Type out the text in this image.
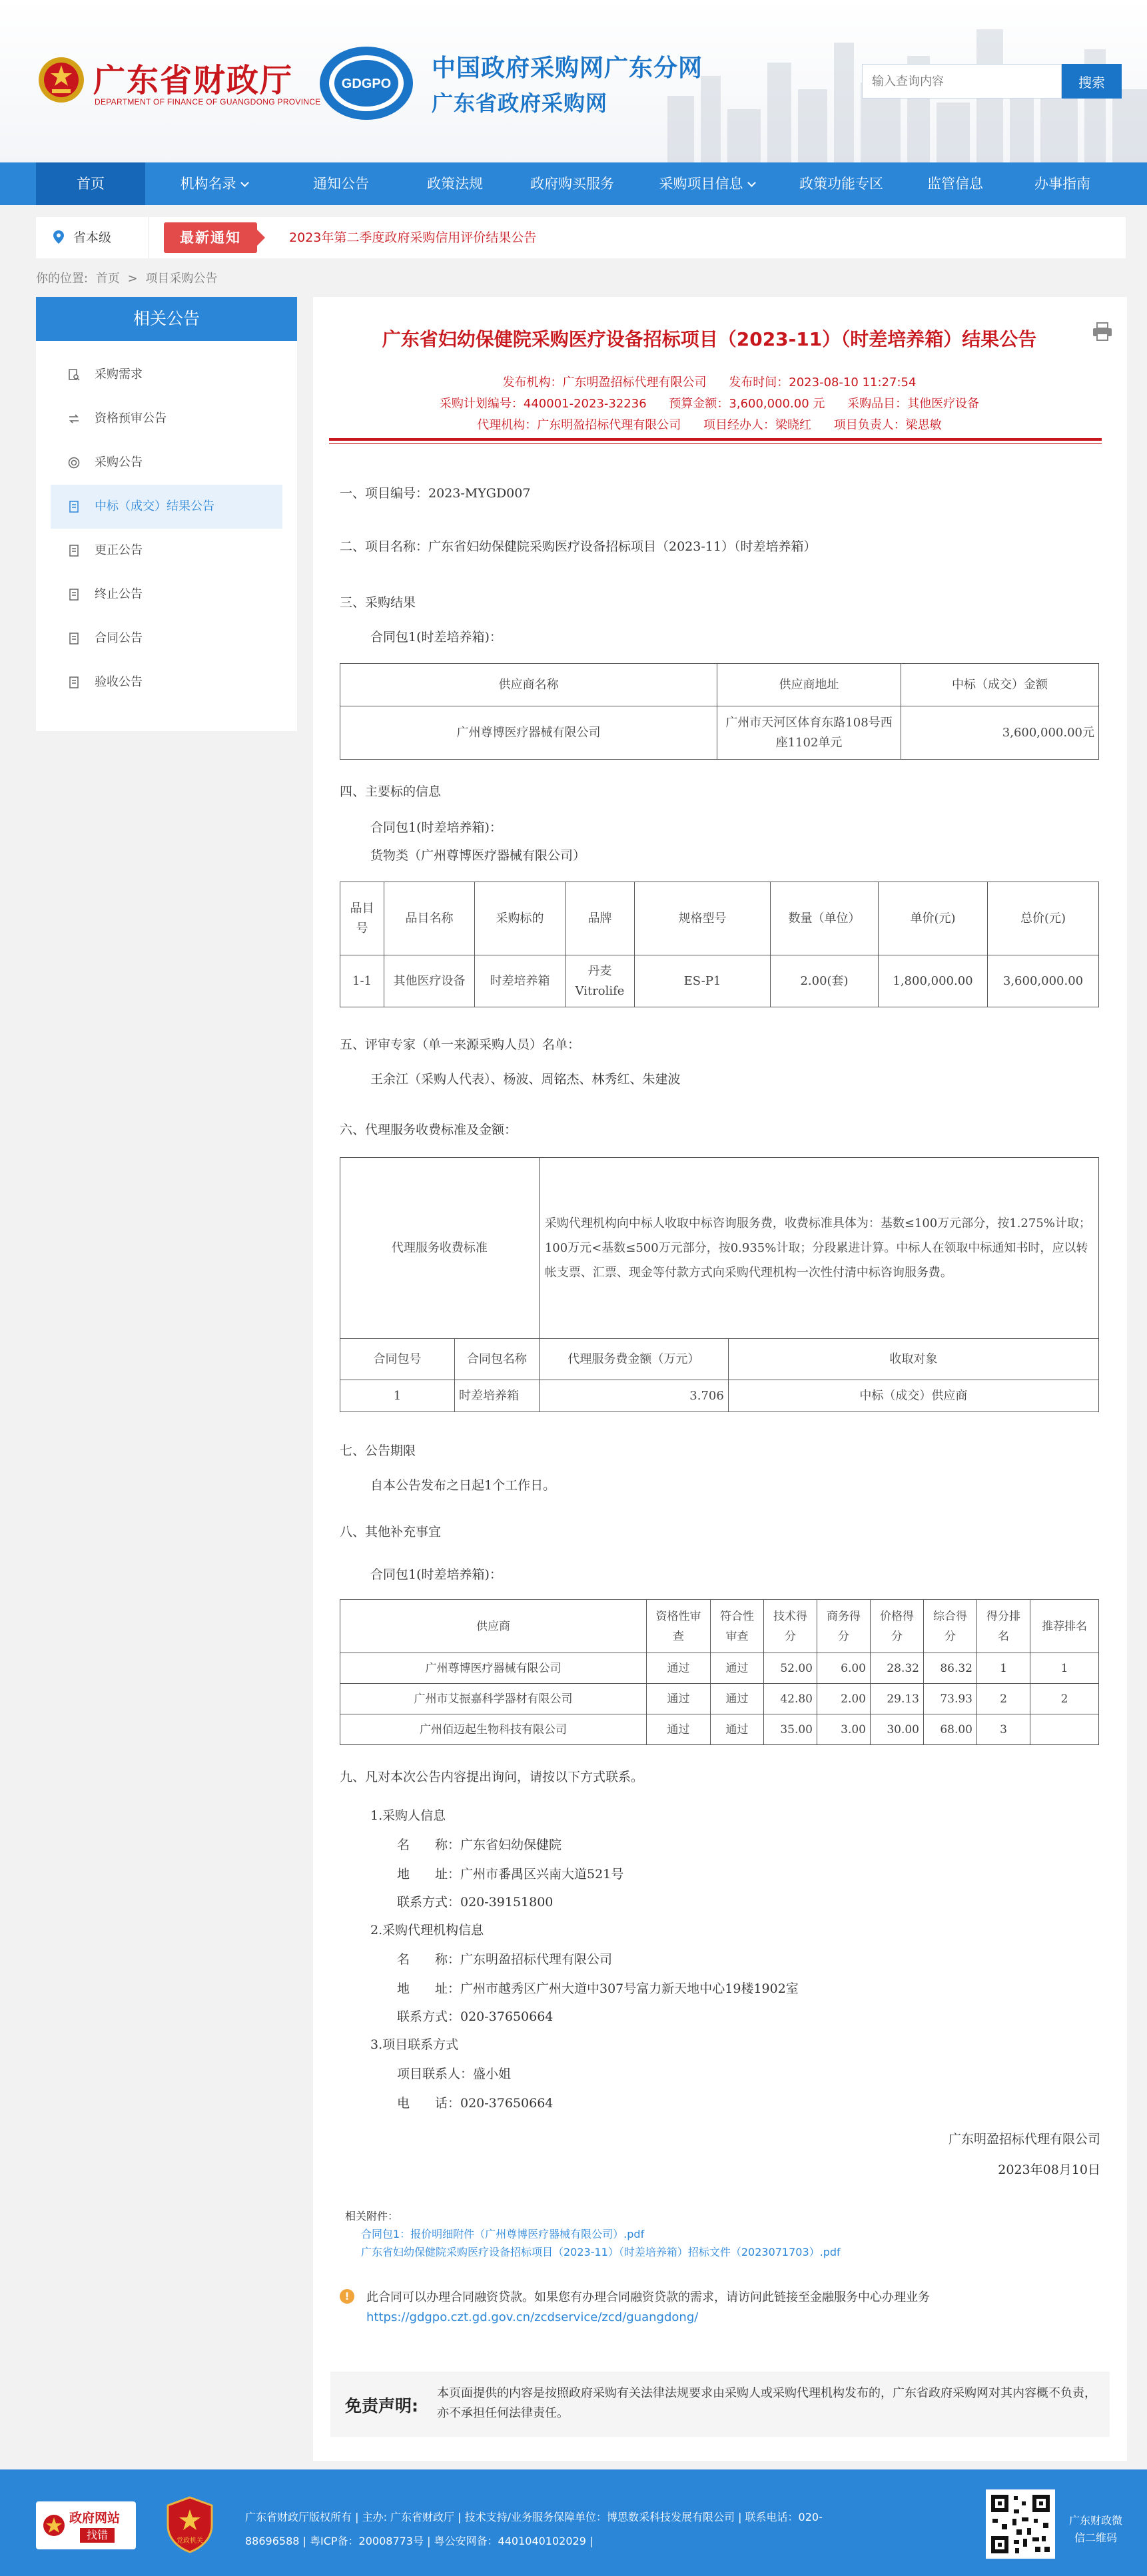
广东省财政厅
DEPARTMENT OF FINANCE OF GUANGDONG PROVINCE
GDGPO
中国政府采购网广东分网
广东省政府采购网
输入查询内容
搜索
首页	机构名录	通知公告	政策法规	政府购买服务	采购项目信息	政策功能专区	监管信息	办事指南
省本级	最新通知	2023年第二季度政府采购信用评价结果公告
你的位置: 首页 > 项目采购公告
相关公告
采购需求
资格预审公告
采购公告
中标（成交）结果公告
更正公告
终止公告
合同公告
验收公告
广东省妇幼保健院采购医疗设备招标项目（2023-11）（时差培养箱）结果公告
发布机构：广东明盈招标代理有限公司 发布时间：2023-08-10 11:27:54
采购计划编号：440001-2023-32236 预算金额：3,600,000.00 元 采购品目：其他医疗设备
代理机构：广东明盈招标代理有限公司 项目经办人：梁晓红 项目负责人：梁思敏
一、项目编号：2023-MYGD007
二、项目名称：广东省妇幼保健院采购医疗设备招标项目（2023-11）（时差培养箱）
三、采购结果
合同包1(时差培养箱)：
供应商名称	供应商地址	中标（成交）金额
广州尊博医疗器械有限公司	广州市天河区体育东路108号西座1102单元	3,600,000.00元
四、主要标的信息
合同包1(时差培养箱)：
货物类（广州尊博医疗器械有限公司）
品目号	品目名称	采购标的	品牌	规格型号	数量（单位）	单价(元)	总价(元)
1-1	其他医疗设备	时差培养箱	丹麦Vitrolife	ES-P1	2.00(套)	1,800,000.00	3,600,000.00
五、评审专家（单一来源采购人员）名单：
王余江（采购人代表）、杨波、周铭杰、林秀红、朱建波
六、代理服务收费标准及金额：
代理服务收费标准		采购代理机构向中标人收取中标咨询服务费，收费标准具体为：基数≤100万元部分，按1.275%计取；100万元<基数≤500万元部分，按0.935%计取；分段累进计算。中标人在领取中标通知书时，应以转帐支票、汇票、现金等付款方式向采购代理机构一次性付清中标咨询服务费。	
合同包号	合同包名称	代理服务费金额（万元）	收取对象
1	时差培养箱	3.706	中标（成交）供应商
七、公告期限
自本公告发布之日起1个工作日。
八、其他补充事宜
合同包1(时差培养箱)：
供应商	资格性审查	符合性审查	技术得分	商务得分	价格得分	综合得分	得分排名	推荐排名
广州尊博医疗器械有限公司	通过	通过	52.00	6.00	28.32	86.32	1	1
广州市艾振嘉科学器材有限公司	通过	通过	42.80	2.00	29.13	73.93	2	2
广州佰迈起生物科技有限公司	通过	通过	35.00	3.00	30.00	68.00	3	
九、凡对本次公告内容提出询问，请按以下方式联系。
1.采购人信息
名　　称：广东省妇幼保健院
地　　址：广州市番禺区兴南大道521号
联系方式：020-39151800
2.采购代理机构信息
名　　称：广东明盈招标代理有限公司
地　　址：广州市越秀区广州大道中307号富力新天地中心19楼1902室
联系方式：020-37650664
3.项目联系方式
项目联系人：盛小姐
电　　话：020-37650664
广东明盈招标代理有限公司
2023年08月10日
相关附件：
合同包1：报价明细附件（广州尊博医疗器械有限公司）.pdf
广东省妇幼保健院采购医疗设备招标项目（2023-11）（时差培养箱）招标文件（2023071703）.pdf
!	此合同可以办理合同融资贷款。如果您有办理合同融资贷款的需求，请访问此链接至金融服务中心办理业务
https://gdgpo.czt.gd.gov.cn/zcdservice/zcd/guangdong/
免责声明:
本页面提供的内容是按照政府采购有关法律法规要求由采购人或采购代理机构发布的，广东省政府采购网对其内容概不负责，亦不承担任何法律责任。
政府网站
找错	党政机关
广东省财政厅版权所有 | 主办: 广东省财政厅 | 技术支持/业务服务保障单位：博思数采科技发展有限公司 | 联系电话：020-
88696588 | 粤ICP备：20008773号 | 粤公安网备：4401040102029 |
广东财政微信二维码
